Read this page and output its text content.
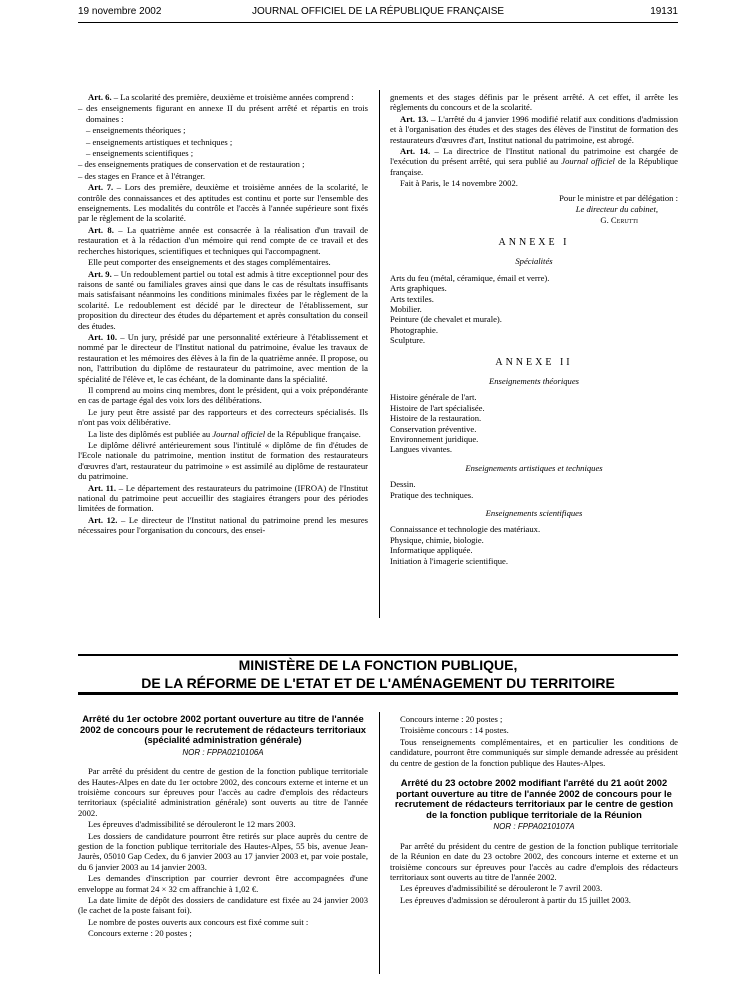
19 novembre 2002	JOURNAL OFFICIEL DE LA RÉPUBLIQUE FRANÇAISE	19131

Art. 6. – La scolarité des première, deuxième et troisième années comprend :

– des enseignements figurant en annexe II du présent arrêté et répartis en trois domaines :

– enseignements théoriques ;

– enseignements artistiques et techniques ;

– enseignements scientifiques ;

– des enseignements pratiques de conservation et de restauration ;

– des stages en France et à l'étranger.

Art. 7. – Lors des première, deuxième et troisième années de la scolarité, le contrôle des connaissances et des aptitudes est continu et porte sur l'ensemble des enseignements. Les modalités du contrôle et l'accès à l'année supérieure sont fixés par le règlement de la scolarité.

Art. 8. – La quatrième année est consacrée à la réalisation d'un travail de restauration et à la rédaction d'un mémoire qui rend compte de ce travail et des recherches historiques, scientifiques et techniques qui l'accompagnent.

Elle peut comporter des enseignements et des stages complémentaires.

Art. 9. – Un redoublement partiel ou total est admis à titre exceptionnel pour des raisons de santé ou familiales graves ainsi que dans le cas de résultats insuffisants mais satisfaisant néanmoins les conditions minimales fixées par le règlement de la scolarité. Le redoublement est décidé par le directeur de l'établissement, sur proposition du directeur des études du département et après consultation du conseil des études.

Art. 10. – Un jury, présidé par une personnalité extérieure à l'établissement et nommé par le directeur de l'Institut national du patrimoine, évalue les travaux de restauration et les mémoires des élèves à la fin de la quatrième année. Il propose, ou non, l'attribution du diplôme de restaurateur du patrimoine, avec mention de la spécialité de l'élève et, le cas échéant, de la dominante dans la spécialité.

Il comprend au moins cinq membres, dont le président, qui a voix prépondérante en cas de partage égal des voix lors des délibérations.

Le jury peut être assisté par des rapporteurs et des correcteurs spécialisés. Ils n'ont pas voix délibérative.

La liste des diplômés est publiée au Journal officiel de la République française.

Le diplôme délivré antérieurement sous l'intitulé « diplôme de fin d'études de l'Ecole nationale du patrimoine, mention institut de formation des restaurateurs d'œuvres d'art, restaurateur du patrimoine » est assimilé au diplôme de restaurateur du patrimoine.

Art. 11. – Le département des restaurateurs du patrimoine (IFROA) de l'Institut national du patrimoine peut accueillir des stagiaires étrangers pour des périodes limitées de formation.

Art. 12. – Le directeur de l'Institut national du patrimoine prend les mesures nécessaires pour l'organisation du concours, des ensei-

gnements et des stages définis par le présent arrêté. A cet effet, il arrête les règlements du concours et de la scolarité.

Art. 13. – L'arrêté du 4 janvier 1996 modifié relatif aux conditions d'admission et à l'organisation des études et des stages des élèves de l'institut de formation des restaurateurs d'œuvres d'art, Institut national du patrimoine, est abrogé.

Art. 14. – La directrice de l'Institut national du patrimoine est chargée de l'exécution du présent arrêté, qui sera publié au Journal officiel de la République française.

Fait à Paris, le 14 novembre 2002.

Pour le ministre et par délégation :

Le directeur du cabinet,

G. Cerutti

ANNEXE I
Spécialités
Arts du feu (métal, céramique, émail et verre).
Arts graphiques.
Arts textiles.
Mobilier.
Peinture (de chevalet et murale).
Photographie.
Sculpture.
ANNEXE II
Enseignements théoriques
Histoire générale de l'art.
Histoire de l'art spécialisée.
Histoire de la restauration.
Conservation préventive.
Environnement juridique.
Langues vivantes.
Enseignements artistiques et techniques
Dessin.
Pratique des techniques.
Enseignements scientifiques
Connaissance et technologie des matériaux.
Physique, chimie, biologie.
Informatique appliquée.
Initiation à l'imagerie scientifique.
MINISTÈRE DE LA FONCTION PUBLIQUE,
DE LA RÉFORME DE L'ETAT ET DE L'AMÉNAGEMENT DU TERRITOIRE
Arrêté du 1er octobre 2002 portant ouverture au titre de l'année 2002 de concours pour le recrutement de rédacteurs territoriaux (spécialité administration générale)
NOR : FPPA0210106A

Par arrêté du président du centre de gestion de la fonction publique territoriale des Hautes-Alpes en date du 1er octobre 2002, des concours externe et interne et un troisième concours sur épreuves pour l'accès au cadre d'emplois des rédacteurs territoriaux (spécialité administration générale) sont ouverts au titre de l'année 2002.

Les épreuves d'admissibilité se dérouleront le 12 mars 2003.

Les dossiers de candidature pourront être retirés sur place auprès du centre de gestion de la fonction publique territoriale des Hautes-Alpes, 55 bis, avenue Jean-Jaurès, 05010 Gap Cedex, du 6 janvier 2003 au 17 janvier 2003 et, par voie postale, du 6 janvier 2003 au 14 janvier 2003.

Les demandes d'inscription par courrier devront être accompagnées d'une enveloppe au format 24 × 32 cm affranchie à 1,02 €.

La date limite de dépôt des dossiers de candidature est fixée au 24 janvier 2003 (le cachet de la poste faisant foi).

Le nombre de postes ouverts aux concours est fixé comme suit :

Concours externe : 20 postes ;

Concours interne : 20 postes ;

Troisième concours : 14 postes.

Tous renseignements complémentaires, et en particulier les conditions de candidature, pourront être communiqués sur simple demande adressée au président du centre de gestion de la fonction publique des Hautes-Alpes.

Arrêté du 23 octobre 2002 modifiant l'arrêté du 21 août 2002 portant ouverture au titre de l'année 2002 de concours pour le recrutement de rédacteurs territoriaux par le centre de gestion de la fonction publique territoriale de la Réunion
NOR : FPPA0210107A

Par arrêté du président du centre de gestion de la fonction publique territoriale de la Réunion en date du 23 octobre 2002, des concours interne et externe et un troisième concours sur épreuves pour l'accès au cadre d'emplois des rédacteurs territoriaux sont ouverts au titre de l'année 2002.

Les épreuves d'admissibilité se dérouleront le 7 avril 2003.

Les épreuves d'admission se dérouleront à partir du 15 juillet 2003.
